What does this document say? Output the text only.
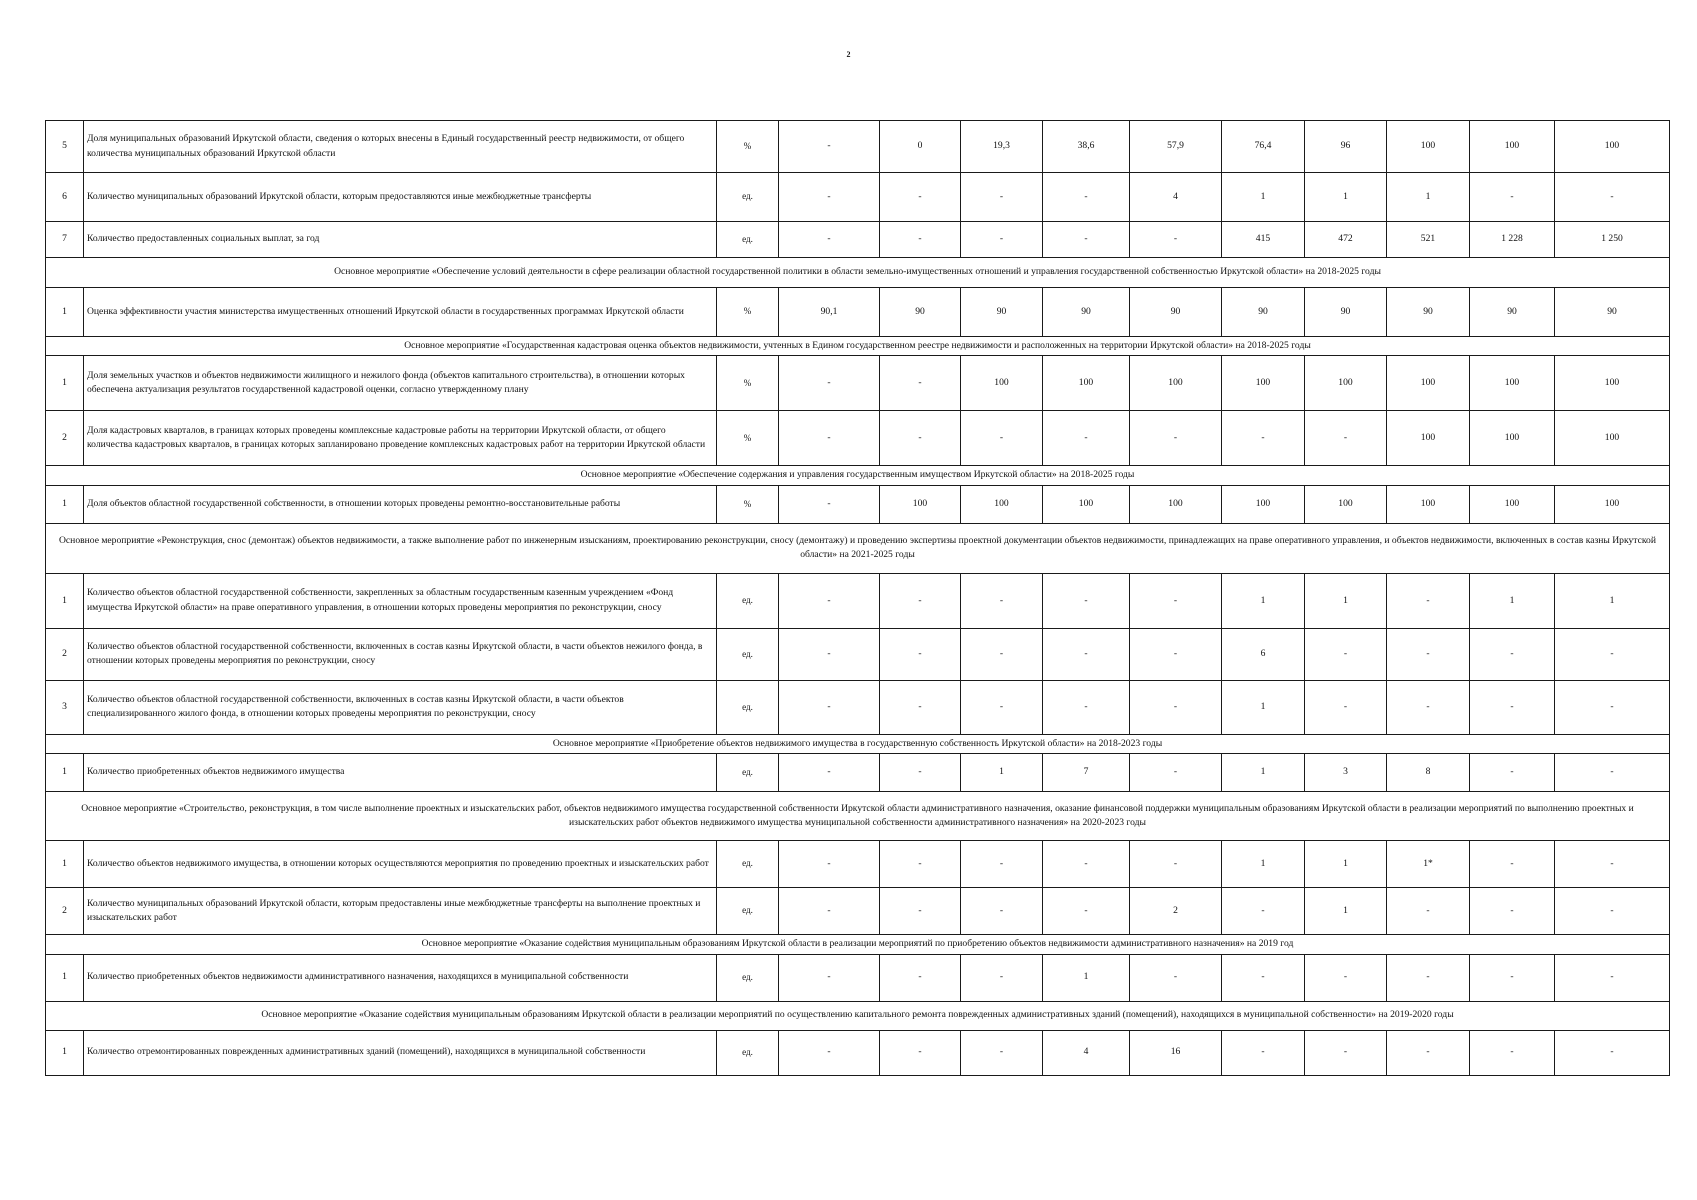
2
5	Доля муниципальных образований Иркутской области, сведения о которых внесены в Единый государственный реестр недвижимости, от общего количества муниципальных образований Иркутской области	%	-	0	19,3	38,6	57,9	76,4	96	100	100	100
6	Количество муниципальных образований Иркутской области, которым предоставляются иные межбюджетные трансферты	ед.	-	-	-	-	4	1	1	1	-	-
7	Количество предоставленных социальных выплат, за год	ед.	-	-	-	-	-	415	472	521	1 228	1 250
Основное мероприятие «Обеспечение условий деятельности в сфере реализации областной государственной политики в области земельно-имущественных отношений и управления государственной собственностью Иркутской области» на 2018-2025 годы												
1	Оценка эффективности участия министерства имущественных отношений Иркутской области в государственных программах Иркутской области	%	90,1	90	90	90	90	90	90	90	90	90
Основное мероприятие «Государственная кадастровая оценка объектов недвижимости, учтенных в Едином государственном реестре недвижимости и расположенных на территории Иркутской области» на 2018-2025 годы												
1	Доля земельных участков и объектов недвижимости жилищного и нежилого фонда (объектов капитального строительства), в отношении которых обеспечена актуализация результатов государственной кадастровой оценки, согласно утвержденному плану	%	-	-	100	100	100	100	100	100	100	100
2	Доля кадастровых кварталов, в границах которых проведены комплексные кадастровые работы на территории Иркутской области, от общего количества кадастровых кварталов, в границах которых запланировано проведение комплексных кадастровых работ на территории Иркутской области	%	-	-	-	-	-	-	-	100	100	100
Основное мероприятие «Обеспечение содержания и управления государственным имуществом Иркутской области» на 2018-2025 годы												
1	Доля объектов областной государственной собственности, в отношении которых проведены ремонтно-восстановительные работы	%	-	100	100	100	100	100	100	100	100	100
Основное мероприятие «Реконструкция, снос (демонтаж) объектов недвижимости, а также выполнение работ по инженерным изысканиям, проектированию реконструкции, сносу (демонтажу) и проведению экспертизы проектной документации объектов недвижимости, принадлежащих на праве оперативного управления, и объектов недвижимости, включенных в состав казны Иркутской области» на 2021-2025 годы												
1	Количество объектов областной государственной собственности, закрепленных за областным государственным казенным учреждением «Фонд имущества Иркутской области» на праве оперативного управления, в отношении которых проведены мероприятия по реконструкции, сносу	ед.	-	-	-	-	-	1	1	-	1	1
2	Количество объектов областной государственной собственности, включенных в состав казны Иркутской области, в части объектов нежилого фонда, в отношении которых проведены мероприятия по реконструкции, сносу	ед.	-	-	-	-	-	6	-	-	-	-
3	Количество объектов областной государственной собственности, включенных в состав казны Иркутской области, в части объектов специализированного жилого фонда, в отношении которых проведены мероприятия по реконструкции, сносу	ед.	-	-	-	-	-	1	-	-	-	-
Основное мероприятие «Приобретение объектов недвижимого имущества в государственную собственность Иркутской области» на 2018-2023 годы												
1	Количество приобретенных объектов недвижимого имущества	ед.	-	-	1	7	-	1	3	8	-	-
Основное мероприятие «Строительство, реконструкция, в том числе выполнение проектных и изыскательских работ, объектов недвижимого имущества государственной собственности Иркутской области административного назначения, оказание финансовой поддержки муниципальным образованиям Иркутской области в реализации мероприятий по выполнению проектных и изыскательских работ объектов недвижимого имущества муниципальной собственности административного назначения» на 2020-2023 годы												
1	Количество объектов недвижимого имущества, в отношении которых осуществляются мероприятия по проведению проектных и изыскательских работ	ед.	-	-	-	-	-	1	1	1*	-	-
2	Количество муниципальных образований Иркутской области, которым предоставлены иные межбюджетные трансферты на выполнение проектных и изыскательских работ	ед.	-	-	-	-	2	-	1	-	-	-
Основное мероприятие «Оказание содействия муниципальным образованиям Иркутской области в реализации мероприятий по приобретению объектов недвижимости административного назначения» на 2019 год												
1	Количество приобретенных объектов недвижимости административного назначения, находящихся в муниципальной собственности	ед.	-	-	-	1	-	-	-	-	-	-
Основное мероприятие «Оказание содействия муниципальным образованиям Иркутской области в реализации мероприятий по осуществлению капитального ремонта поврежденных административных зданий (помещений), находящихся в муниципальной собственности» на 2019-2020 годы												
1	Количество отремонтированных поврежденных административных зданий (помещений), находящихся в муниципальной собственности	ед.	-	-	-	4	16	-	-	-	-	-
